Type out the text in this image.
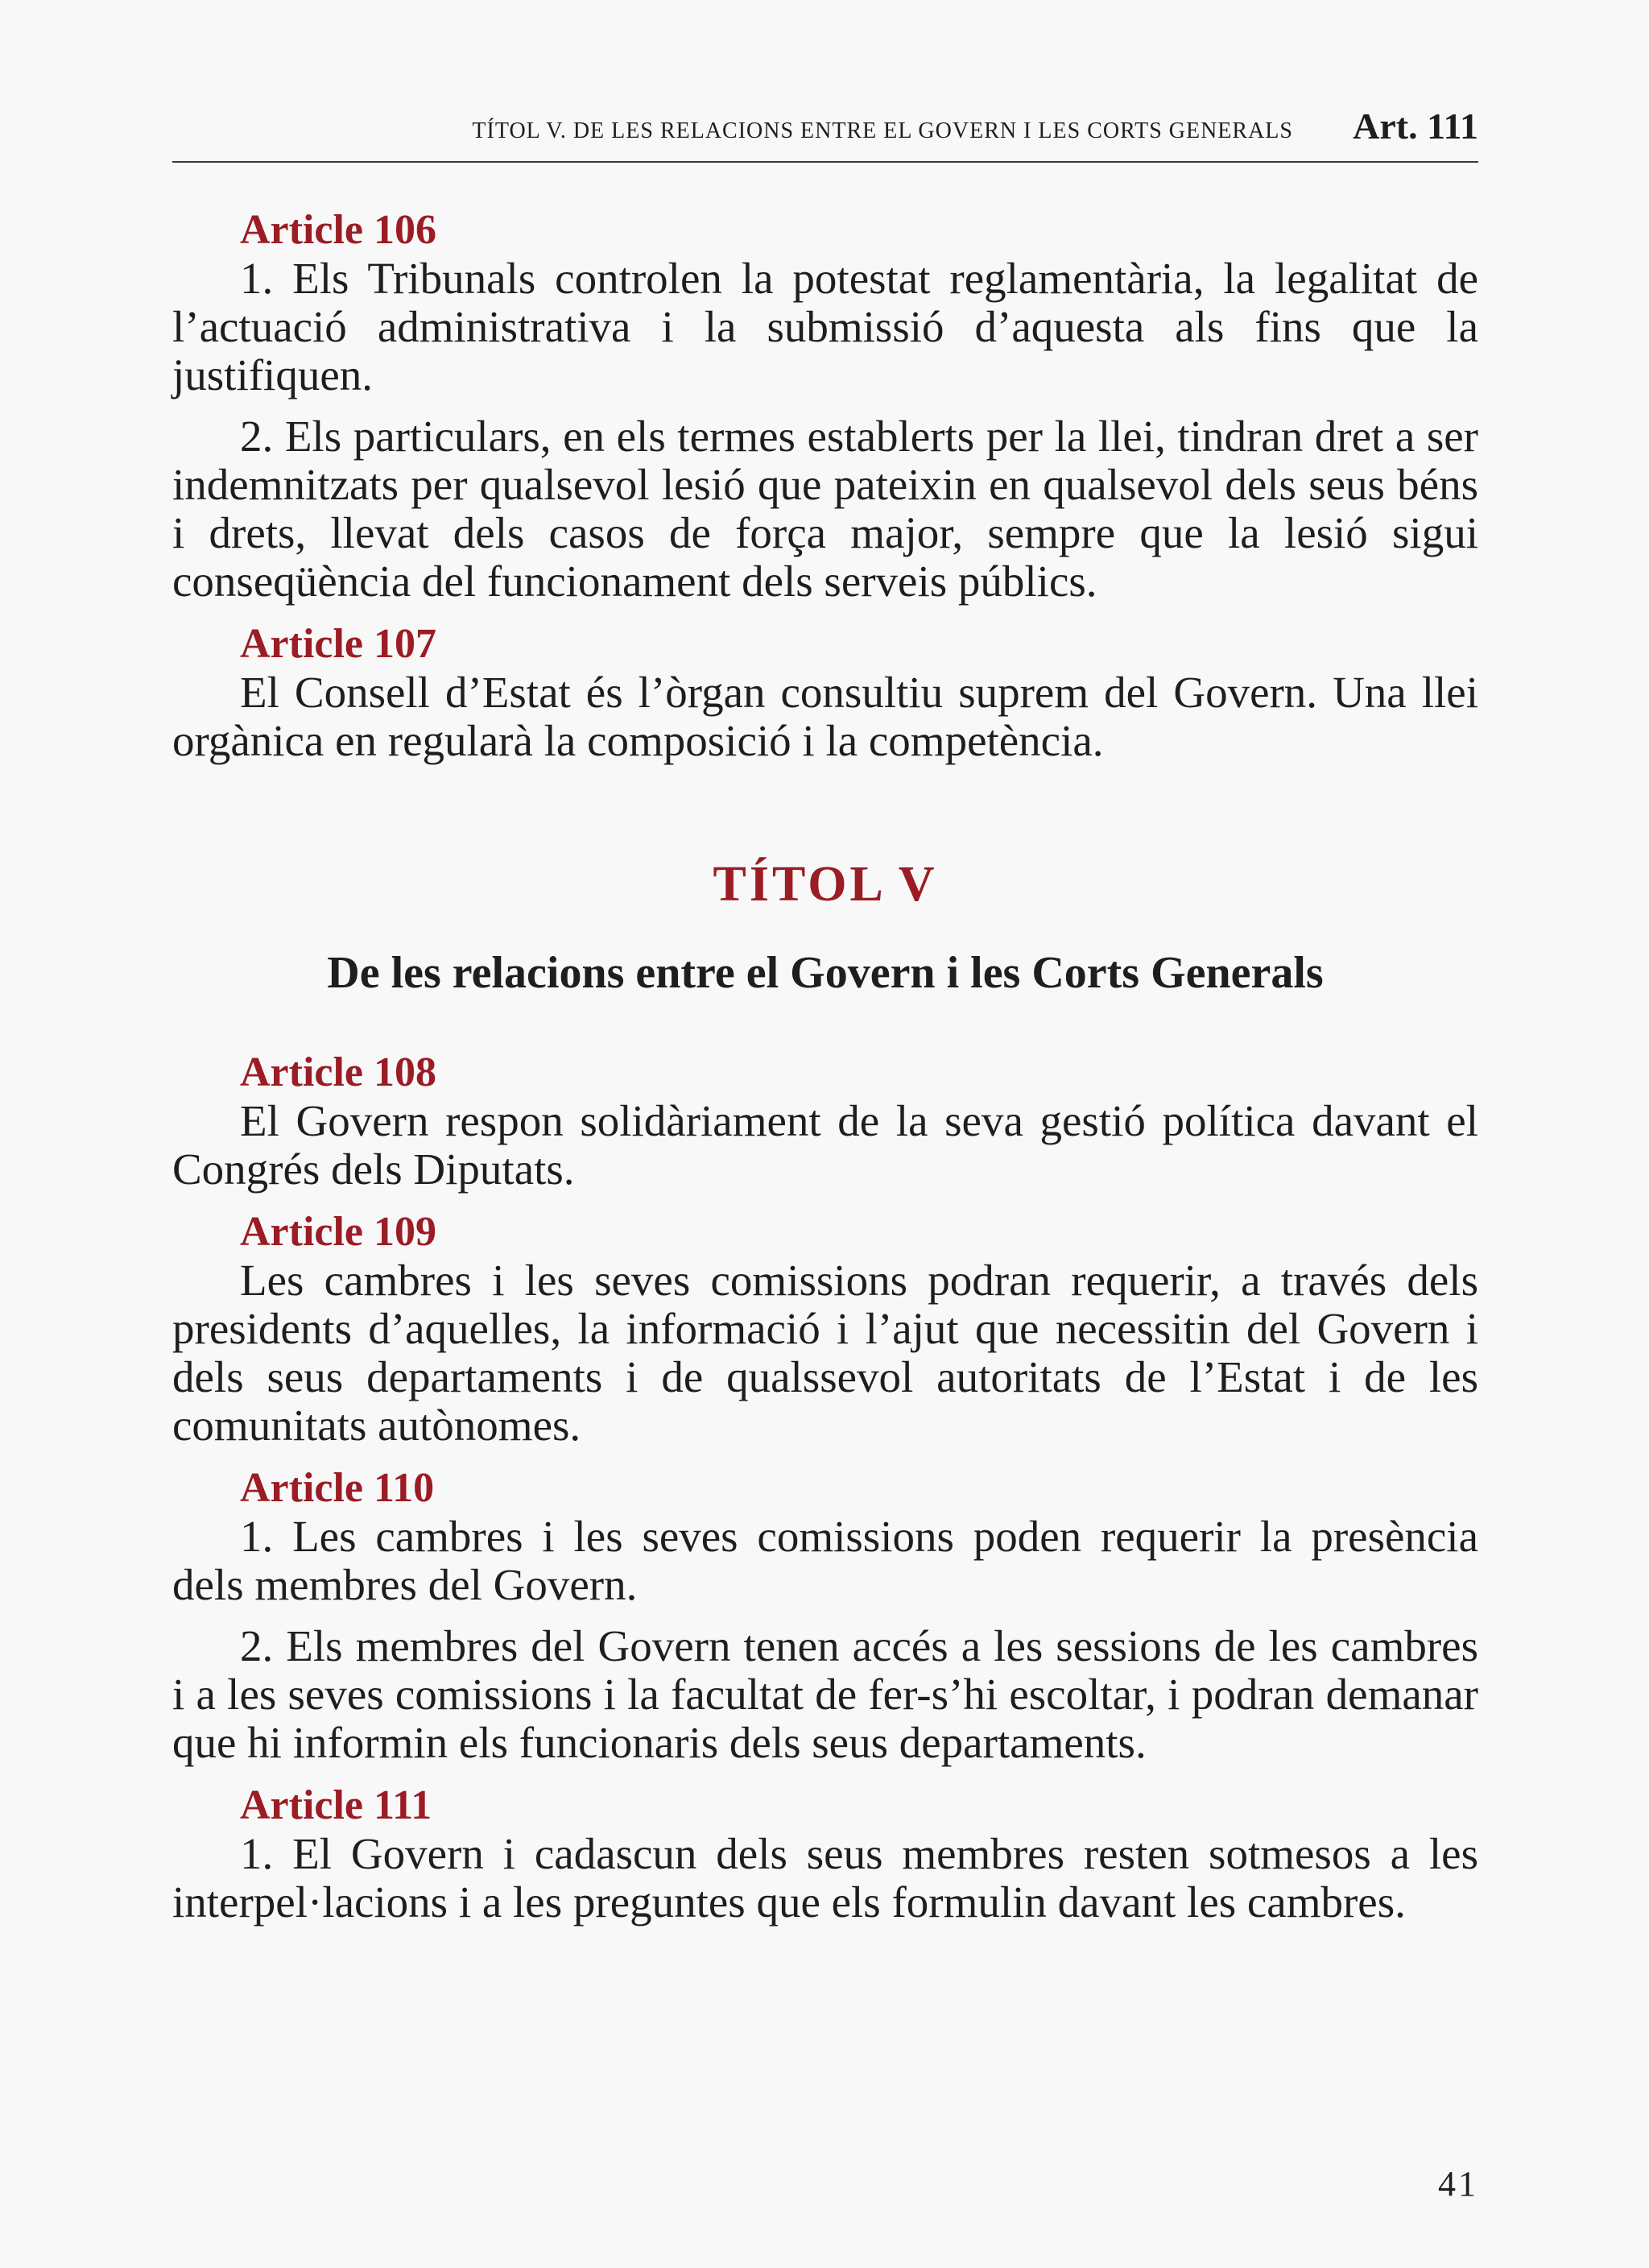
TÍTOL V. DE LES RELACIONS ENTRE EL GOVERN I LES CORTS GENERALS Art. 111
Article 106

1. Els Tribunals controlen la potestat reglamentària, la legalitat de l’actuació administrativa i la submissió d’aquesta als fins que la justifiquen.

2. Els particulars, en els termes establerts per la llei, tindran dret a ser indemnitzats per qualsevol lesió que pateixin en qualsevol dels seus béns i drets, llevat dels casos de força major, sempre que la lesió sigui conseqüència del funcionament dels serveis públics.

Article 107

El Consell d’Estat és l’òrgan consultiu suprem del Govern. Una llei orgànica en regularà la composició i la competència.

TÍTOL V
De les relacions entre el Govern i les Corts Generals
Article 108

El Govern respon solidàriament de la seva gestió política davant el Congrés dels Diputats.

Article 109

Les cambres i les seves comissions podran requerir, a través dels presidents d’aquelles, la informació i l’ajut que necessitin del Govern i dels seus departaments i de qualssevol autoritats de l’Estat i de les comunitats autònomes.

Article 110

1. Les cambres i les seves comissions poden requerir la presència dels membres del Govern.

2. Els membres del Govern tenen accés a les sessions de les cambres i a les seves comissions i la facultat de fer-s’hi escoltar, i podran demanar que hi informin els funcionaris dels seus departaments.

Article 111

1. El Govern i cadascun dels seus membres resten sotmesos a les interpel·lacions i a les preguntes que els formulin davant les cambres.

41
